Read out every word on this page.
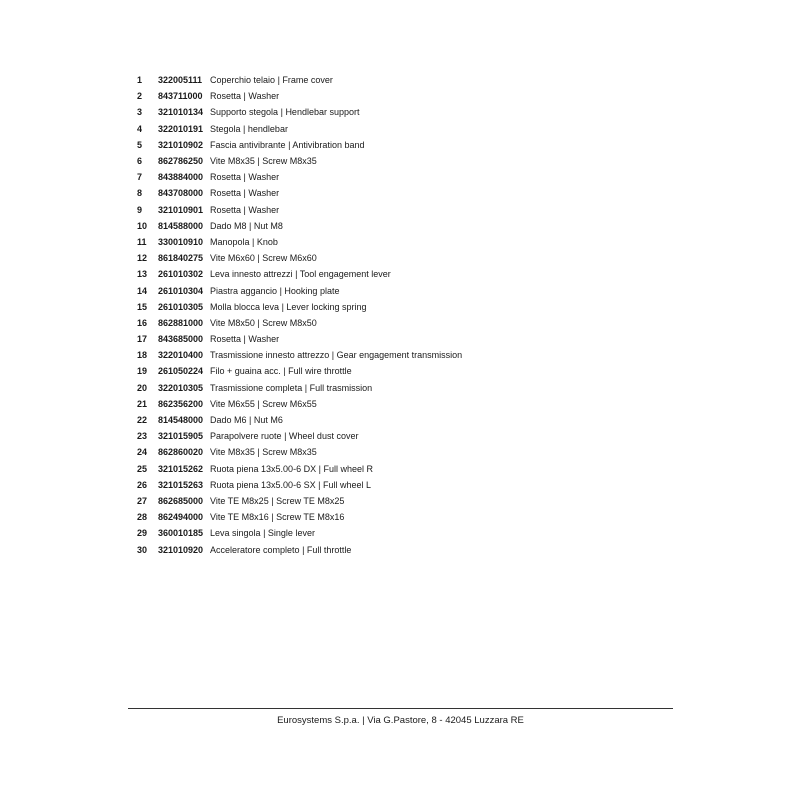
1	322005111 Coperchio telaio | Frame cover
2	843711000 Rosetta | Washer
3	321010134 Supporto stegola | Hendlebar support
4	322010191 Stegola | hendlebar
5	321010902 Fascia antivibrante | Antivibration band
6	862786250 Vite M8x35 | Screw M8x35
7	843884000 Rosetta | Washer
8	843708000 Rosetta | Washer
9	321010901 Rosetta | Washer
10	814588000 Dado M8 | Nut M8
11	330010910 Manopola | Knob
12	861840275 Vite M6x60 | Screw M6x60
13	261010302 Leva innesto attrezzi | Tool engagement lever
14	261010304 Piastra aggancio | Hooking plate
15	261010305 Molla blocca leva | Lever locking spring
16	862881000 Vite M8x50 | Screw M8x50
17	843685000 Rosetta | Washer
18	322010400 Trasmissione innesto attrezzo | Gear engagement transmission
19	261050224 Filo + guaina acc. | Full wire throttle
20	322010305 Trasmissione completa | Full trasmission
21	862356200 Vite M6x55 | Screw M6x55
22	814548000 Dado M6 | Nut M6
23	321015905 Parapolvere ruote | Wheel dust cover
24	862860020 Vite M8x35 | Screw M8x35
25	321015262 Ruota piena 13x5.00-6 DX | Full wheel R
26	321015263 Ruota piena 13x5.00-6 SX | Full wheel L
27	862685000 Vite TE M8x25 | Screw TE M8x25
28	862494000 Vite TE M8x16 | Screw TE M8x16
29	360010185 Leva singola | Single lever
30	321010920 Acceleratore completo | Full throttle
Eurosystems S.p.a. | Via G.Pastore, 8 - 42045 Luzzara RE
